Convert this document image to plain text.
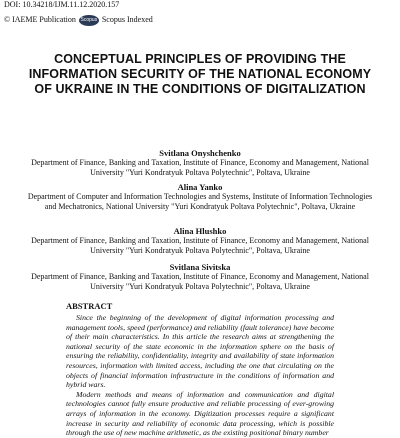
DOI: 10.34218/IJM.11.12.2020.157
© IAEME Publication Scopus Scopus Indexed
CONCEPTUAL PRINCIPLES OF PROVIDING THE INFORMATION SECURITY OF THE NATIONAL ECONOMY OF UKRAINE IN THE CONDITIONS OF DIGITALIZATION
Svitlana Onyshchenko
Department of Finance, Banking and Taxation, Institute of Finance, Economy and Management, National University "Yuri Kondratyuk Poltava Polytechnic", Poltava, Ukraine
Alina Yanko
Department of Computer and Information Technologies and Systems, Institute of Information Technologies and Mechatronics, National University "Yuri Kondratyuk Poltava Polytechnic", Poltava, Ukraine
Alina Hlushko
Department of Finance, Banking and Taxation, Institute of Finance, Economy and Management, National University "Yuri Kondratyuk Poltava Polytechnic", Poltava, Ukraine
Svitlana Sivitska
Department of Finance, Banking and Taxation, Institute of Finance, Economy and Management, National University "Yuri Kondratyuk Poltava Polytechnic", Poltava, Ukraine
ABSTRACT

Since the beginning of the development of digital information processing and management tools, speed (performance) and reliability (fault tolerance) have become of their main characteristics. In this article the research aims at strengthening the national security of the state economic in the information sphere on the basis of ensuring the reliability, confidentiality, integrity and availability of state information resources, information with limited access, including the one that circulating on the objects of financial information infrastructure in the conditions of information and hybrid wars.

Modern methods and means of information and communication and digital technologies cannot fully ensure productive and reliable processing of ever-growing arrays of information in the economy. Digitization processes require a significant increase in security and reliability of economic data processing, which is possible through the use of new machine arithmetic, as the existing positional binary number
